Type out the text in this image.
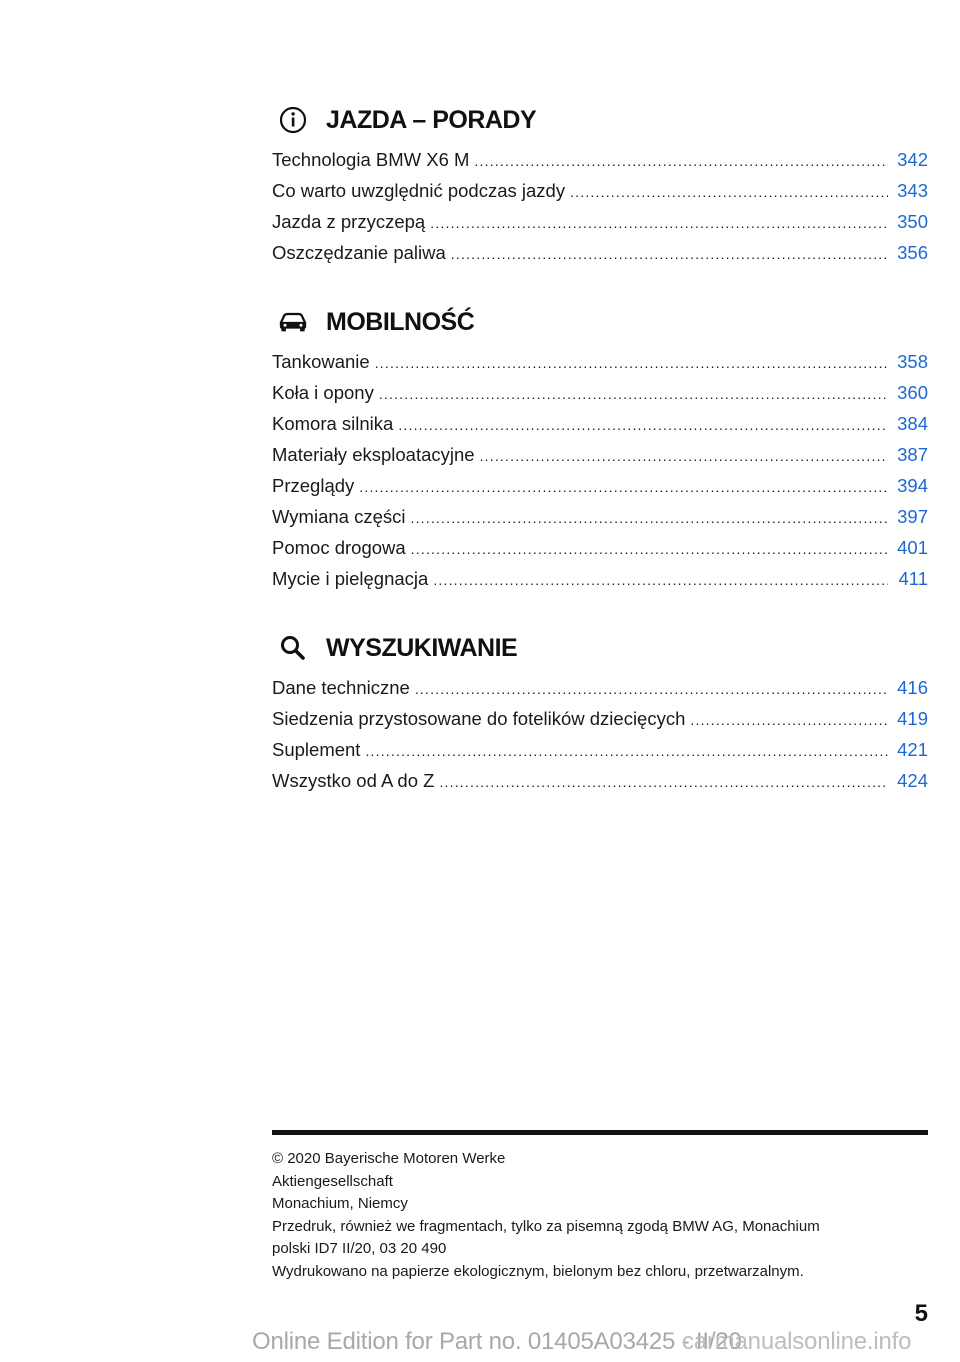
JAZDA – PORADY
Technologia BMW X6 M .....	342
Co warto uwzględnić podczas jazdy .....	343
Jazda z przyczepą .....	350
Oszczędzanie paliwa .....	356
MOBILNOŚĆ
Tankowanie .....	358
Koła i opony .....	360
Komora silnika .....	384
Materiały eksploatacyjne .....	387
Przeglądy .....	394
Wymiana części .....	397
Pomoc drogowa .....	401
Mycie i pielęgnacja .....	411
WYSZUKIWANIE
Dane techniczne .....	416
Siedzenia przystosowane do fotelików dziecięcych .....	419
Suplement .....	421
Wszystko od A do Z .....	424
© 2020 Bayerische Motoren Werke
Aktiengesellschaft
Monachium, Niemcy
Przedruk, również we fragmentach, tylko za pisemną zgodą BMW AG, Monachium
polski ID7 II/20, 03 20 490
Wydrukowano na papierze ekologicznym, bielonym bez chloru, przetwarzalnym.
5
Online Edition for Part no. 01405A03425 - II/20
carmanualsonline.info
